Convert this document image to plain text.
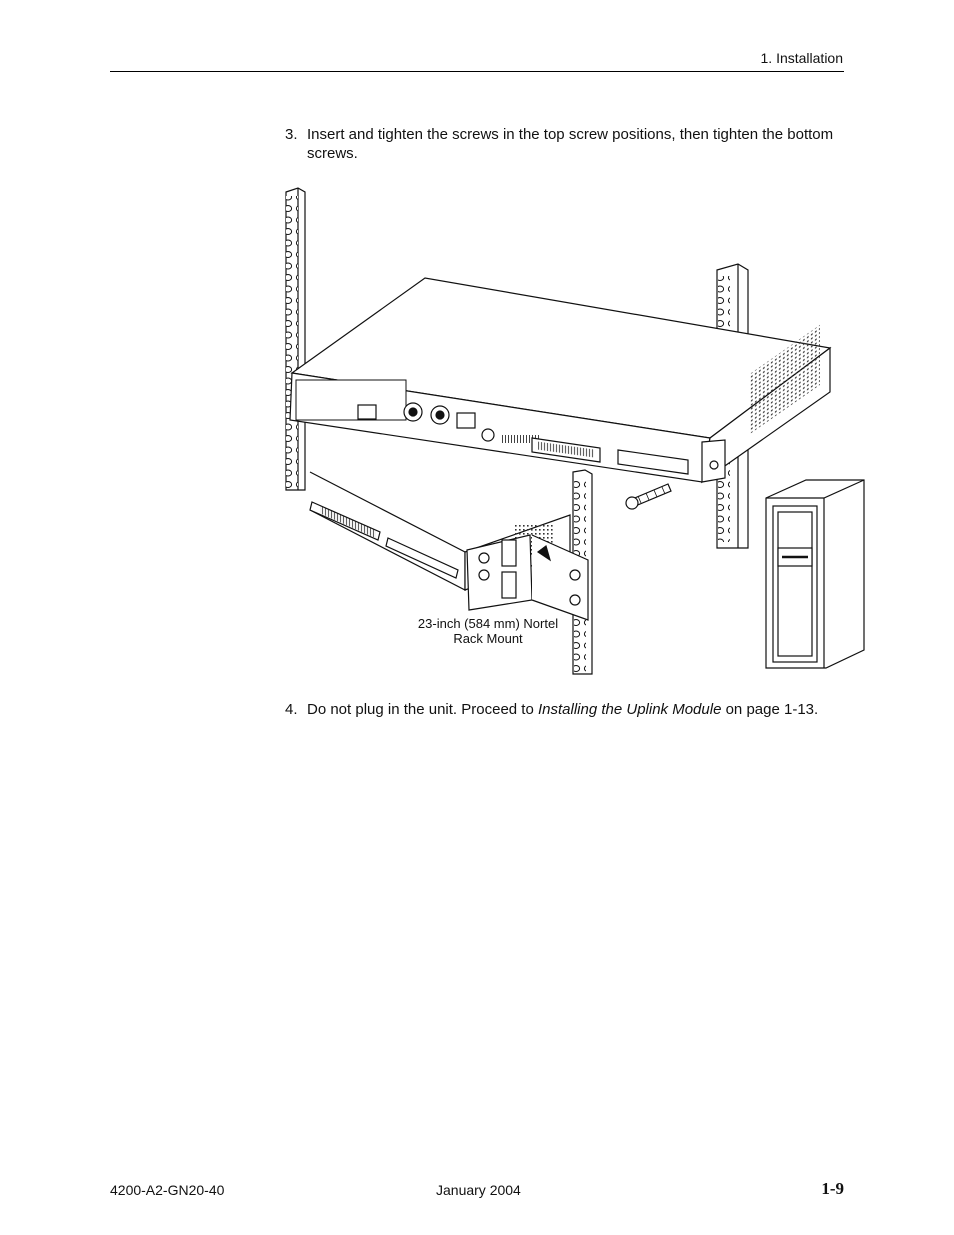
1. Installation
3. Insert and tighten the screws in the top screw positions, then tighten the bottom screws.
23-inch (584 mm) Nortel
Rack Mount
4. Do not plug in the unit. Proceed to Installing the Uplink Module on page 1-13.
4200-A2-GN20-40	January 2004	1-9
